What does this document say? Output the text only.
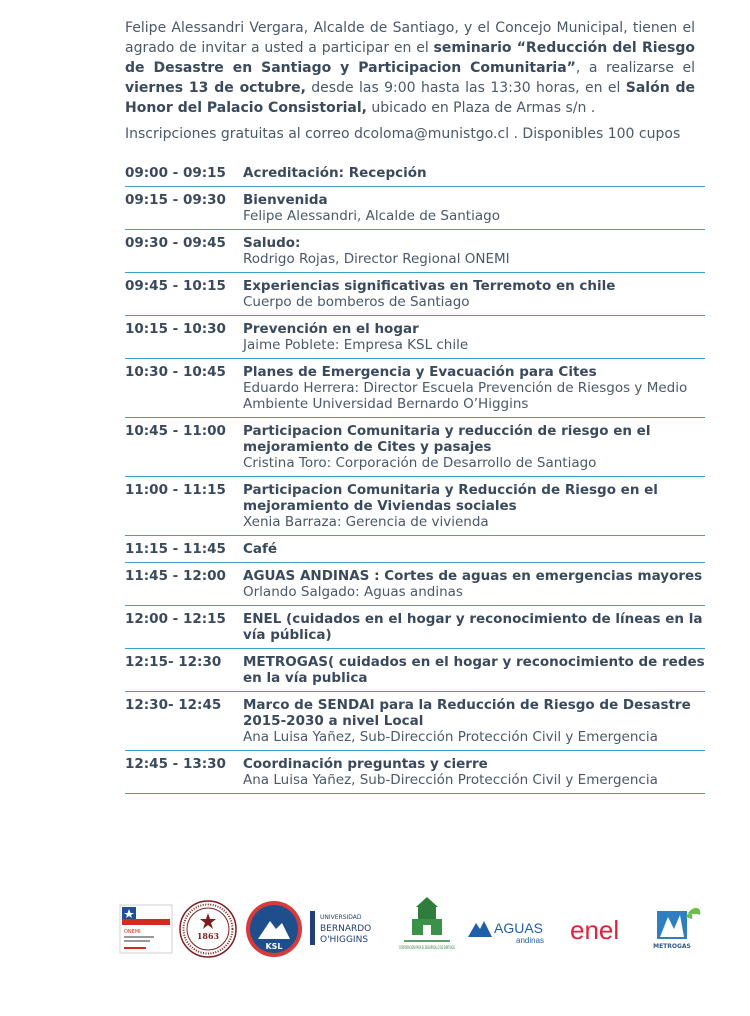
Felipe Alessandri Vergara, Alcalde de Santiago, y el Concejo Municipal, tienen el agrado de invitar a usted a participar en el seminario “Reducción del Riesgo de Desastre en Santiago y Participacion Comunitaria”, a realizarse el viernes 13 de octubre, desde las 9:00 hasta las 13:30 horas, en el Salón de Honor del Palacio Consistorial, ubicado en Plaza de Armas s/n .

Inscripciones gratuitas al correo dcoloma@munistgo.cl . Disponibles 100 cupos

09:00 - 09:15 Acreditación: Recepción
09:15 - 09:30 Bienvenida
Felipe Alessandri, Alcalde de Santiago
09:30 - 09:45 Saludo:
Rodrigo Rojas, Director Regional ONEMI
09:45 - 10:15 Experiencias significativas en Terremoto en chile
Cuerpo de bomberos de Santiago
10:15 - 10:30 Prevención en el hogar
Jaime Poblete: Empresa KSL chile
10:30 - 10:45 Planes de Emergencia y Evacuación para Cites
Eduardo Herrera: Director Escuela Prevención de Riesgos y Medio Ambiente Universidad Bernardo O’Higgins
10:45 - 11:00 Participacion Comunitaria y reducción de riesgo en el mejoramiento de Cites y pasajes
Cristina Toro: Corporación de Desarrollo de Santiago
11:00 - 11:15 Participacion Comunitaria y Reducción de Riesgo en el mejoramiento de Viviendas sociales
Xenia Barraza: Gerencia de vivienda
11:15 - 11:45 Café
11:45 - 12:00 AGUAS ANDINAS : Cortes de aguas en emergencias mayores
Orlando Salgado: Aguas andinas
12:00 - 12:15 ENEL (cuidados en el hogar y reconocimiento de líneas en la vía pública)
12:15- 12:30 METROGAS( cuidados en el hogar y reconocimiento de redes en la vía publica
12:30- 12:45 Marco de SENDAI para la Reducción de Riesgo de Desastre 2015-2030 a nivel Local
Ana Luisa Yañez, Sub-Dirección Protección Civil y Emergencia
12:45 - 13:30 Coordinación preguntas y cierre
Ana Luisa Yañez, Sub-Dirección Protección Civil y Emergencia
ONEMI	1863
KSL
UNIVERSIDAD
BERNARDO
O'HIGGINS
CORPORACION PARA EL DESARROLLO DE SANTIAGO
AGUAS
andinas enel
METROGAS
